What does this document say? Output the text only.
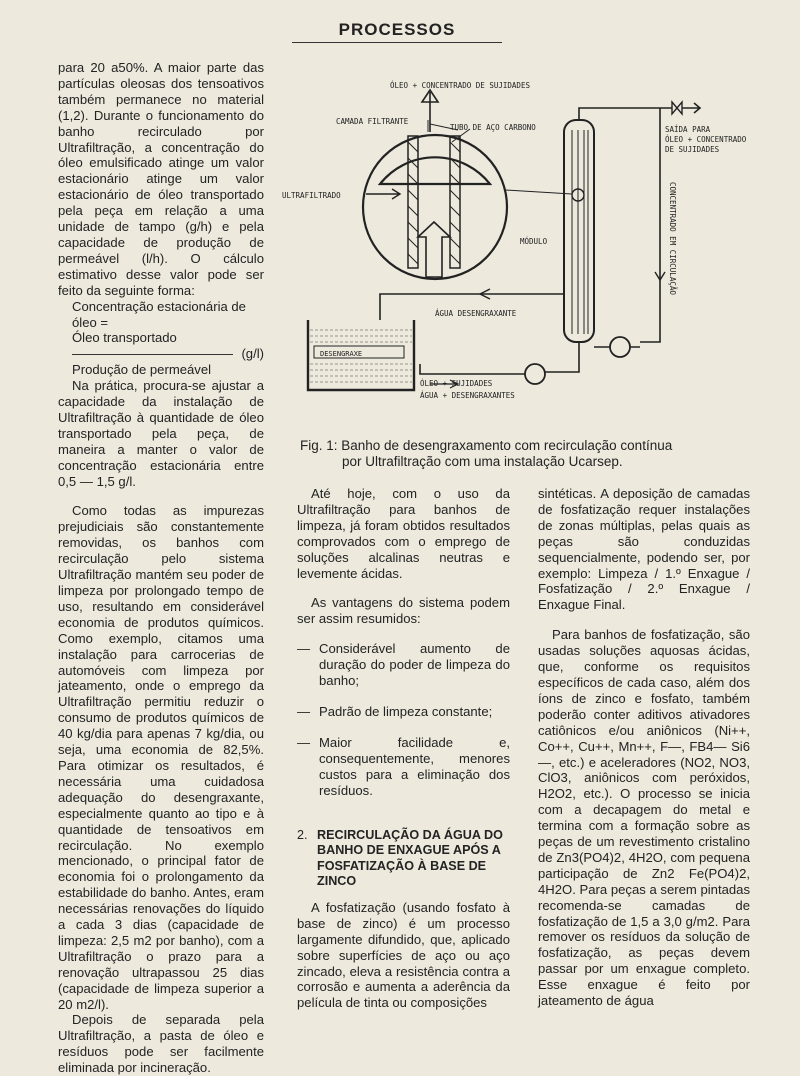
PROCESSOS

para 20 a50%. A maior parte das partículas oleosas dos tensoativos também permanece no material (1,2). Durante o funcionamento do banho recirculado por Ultrafiltração, a concentração do óleo emulsificado atinge um valor estacionário atinge um valor estacionário de óleo transportado pela peça em relação a uma unidade de tampo (g/h) e pela capacidade de produção de permeável (l/h). O cálculo estimativo desse valor pode ser feito da seguinte forma:

Concentração estacionária de

óleo =

Óleo transportado

(g/l)

Produção de permeável

Na prática, procura-se ajustar a capacidade da instalação de Ultrafiltração à quantidade de óleo transportado pela peça, de maneira a manter o valor de concentração estacionária entre 0,5 — 1,5 g/l.

Como todas as impurezas prejudiciais são constantemente removidas, os banhos com recirculação pelo sistema Ultrafiltração mantém seu poder de limpeza por prolongado tempo de uso, resultando em considerável economia de produtos químicos. Como exemplo, citamos uma instalação para carrocerias de automóveis com limpeza por jateamento, onde o emprego da Ultrafiltração permitiu reduzir o consumo de produtos químicos de 40 kg/dia para apenas 7 kg/dia, ou seja, uma economia de 82,5%. Para otimizar os resultados, é necessária uma cuidadosa adequação do desengraxante, especialmente quanto ao tipo e à quantidade de tensoativos em recirculação. No exemplo mencionado, o principal fator de economia foi o prolongamento da estabilidade do banho. Antes, eram necessárias renovações do líquido a cada 3 dias (capacidade de limpeza: 2,5 m2 por banho), com a Ultrafiltração o prazo para a renovação ultrapassou 25 dias (capacidade de limpeza superior a 20 m2/l).

Depois de separada pela Ultrafiltração, a pasta de óleo e resíduos pode ser facilmente eliminada por incineração.

ÓLEO + CONCENTRADO DE SUJIDADES
CAMADA FILTRANTE
TUBO DE AÇO CARBONO
ULTRAFILTRADO
MÓDULO
ÁGUA DESENGRAXANTE
DESENGRAXE
ÓLEO + SUJIDADES
ÁGUA + DESENGRAXANTES
SAÍDA PARA ÓLEO + CONCENTRADO DE SUJIDADES
CONCENTRADO EM CIRCULAÇÃO
Fig. 1: Banho de desengraxamento com recirculação contínua
por Ultrafiltração com uma instalação Ucarsep.

Até hoje, com o uso da Ultrafiltração para banhos de limpeza, já foram obtidos resultados comprovados com o emprego de soluções alcalinas neutras e levemente ácidas.

As vantagens do sistema podem ser assim resumidos:

— Considerável aumento de duração do poder de limpeza do banho;
— Padrão de limpeza constante;
— Maior facilidade e, consequentemente, menores custos para a eliminação dos resíduos.
2. RECIRCULAÇÃO DA ÁGUA DO BANHO DE ENXAGUE APÓS A FOSFATIZAÇÃO À BASE DE ZINCO

A fosfatização (usando fosfato à base de zinco) é um processo largamente difundido, que, aplicado sobre superfícies de aço ou aço zincado, eleva a resistência contra a corrosão e aumenta a aderência da película de tinta ou composições

sintéticas. A deposição de camadas de fosfatização requer instalações de zonas múltiplas, pelas quais as peças são conduzidas sequencialmente, podendo ser, por exemplo: Limpeza / 1.º Enxague / Fosfatização / 2.º Enxague / Enxague Final.

Para banhos de fosfatização, são usadas soluções aquosas ácidas, que, conforme os requisitos específicos de cada caso, além dos íons de zinco e fosfato, também poderão conter aditivos ativadores catiônicos e/ou aniônicos (Ni++, Co++, Cu++, Mn++, F—, FB4— Si6—, etc.) e aceleradores (NO2, NO3, ClO3, aniônicos com peróxidos, H2O2, etc.). O processo se inicia com a decapagem do metal e termina com a formação sobre as peças de um revestimento cristalino de Zn3(PO4)2, 4H2O, com pequena participação de Zn2 Fe(PO4)2, 4H2O. Para peças a serem pintadas recomenda-se camadas de fosfatização de 1,5 a 3,0 g/m2. Para remover os resíduos da solução de fosfatização, as peças devem passar por um enxague completo. Esse enxague é feito por jateamento de água
